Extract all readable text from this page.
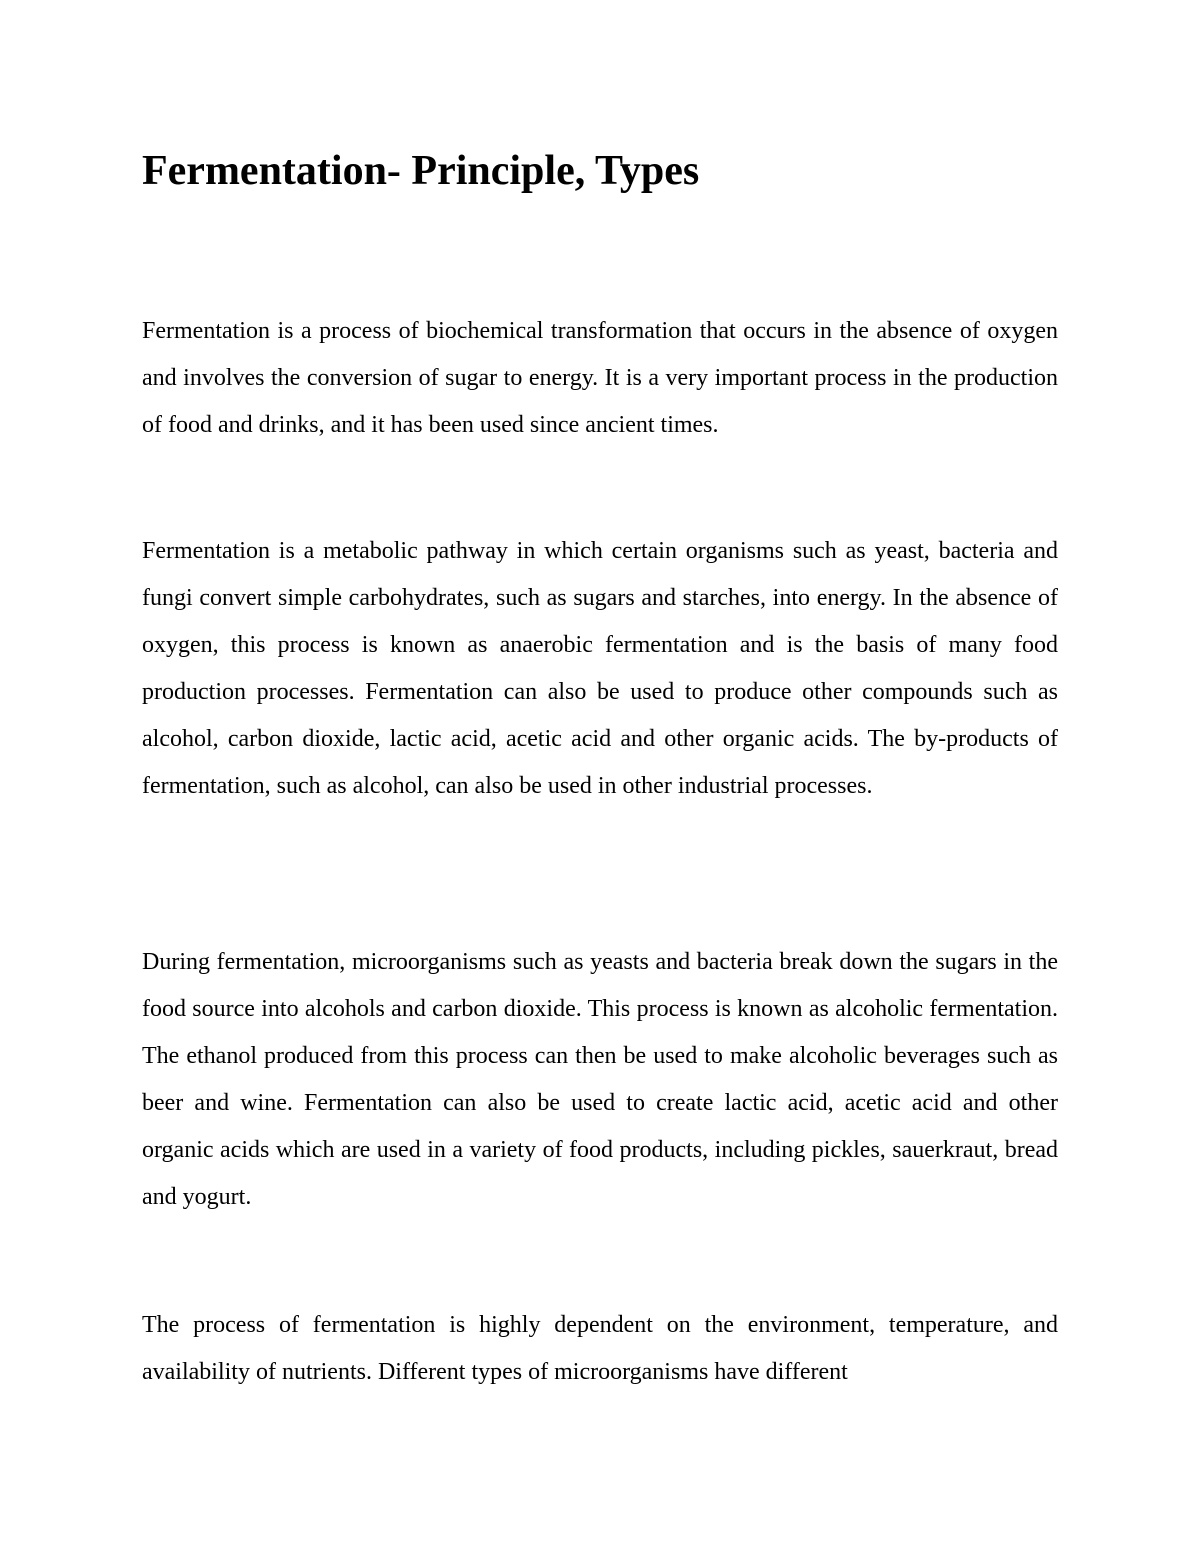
Fermentation- Principle, Types

Fermentation is a process of biochemical transformation that occurs in the absence of oxygen and involves the conversion of sugar to energy. It is a very important process in the production of food and drinks, and it has been used since ancient times.

Fermentation is a metabolic pathway in which certain organisms such as yeast, bacteria and fungi convert simple carbohydrates, such as sugars and starches, into energy. In the absence of oxygen, this process is known as anaerobic fermentation and is the basis of many food production processes. Fermentation can also be used to produce other compounds such as alcohol, carbon dioxide, lactic acid, acetic acid and other organic acids. The by-products of fermentation, such as alcohol, can also be used in other industrial processes.

During fermentation, microorganisms such as yeasts and bacteria break down the sugars in the food source into alcohols and carbon dioxide. This process is known as alcoholic fermentation. The ethanol produced from this process can then be used to make alcoholic beverages such as beer and wine. Fermentation can also be used to create lactic acid, acetic acid and other organic acids which are used in a variety of food products, including pickles, sauerkraut, bread and yogurt.

The process of fermentation is highly dependent on the environment, temperature, and availability of nutrients. Different types of microorganisms have different
